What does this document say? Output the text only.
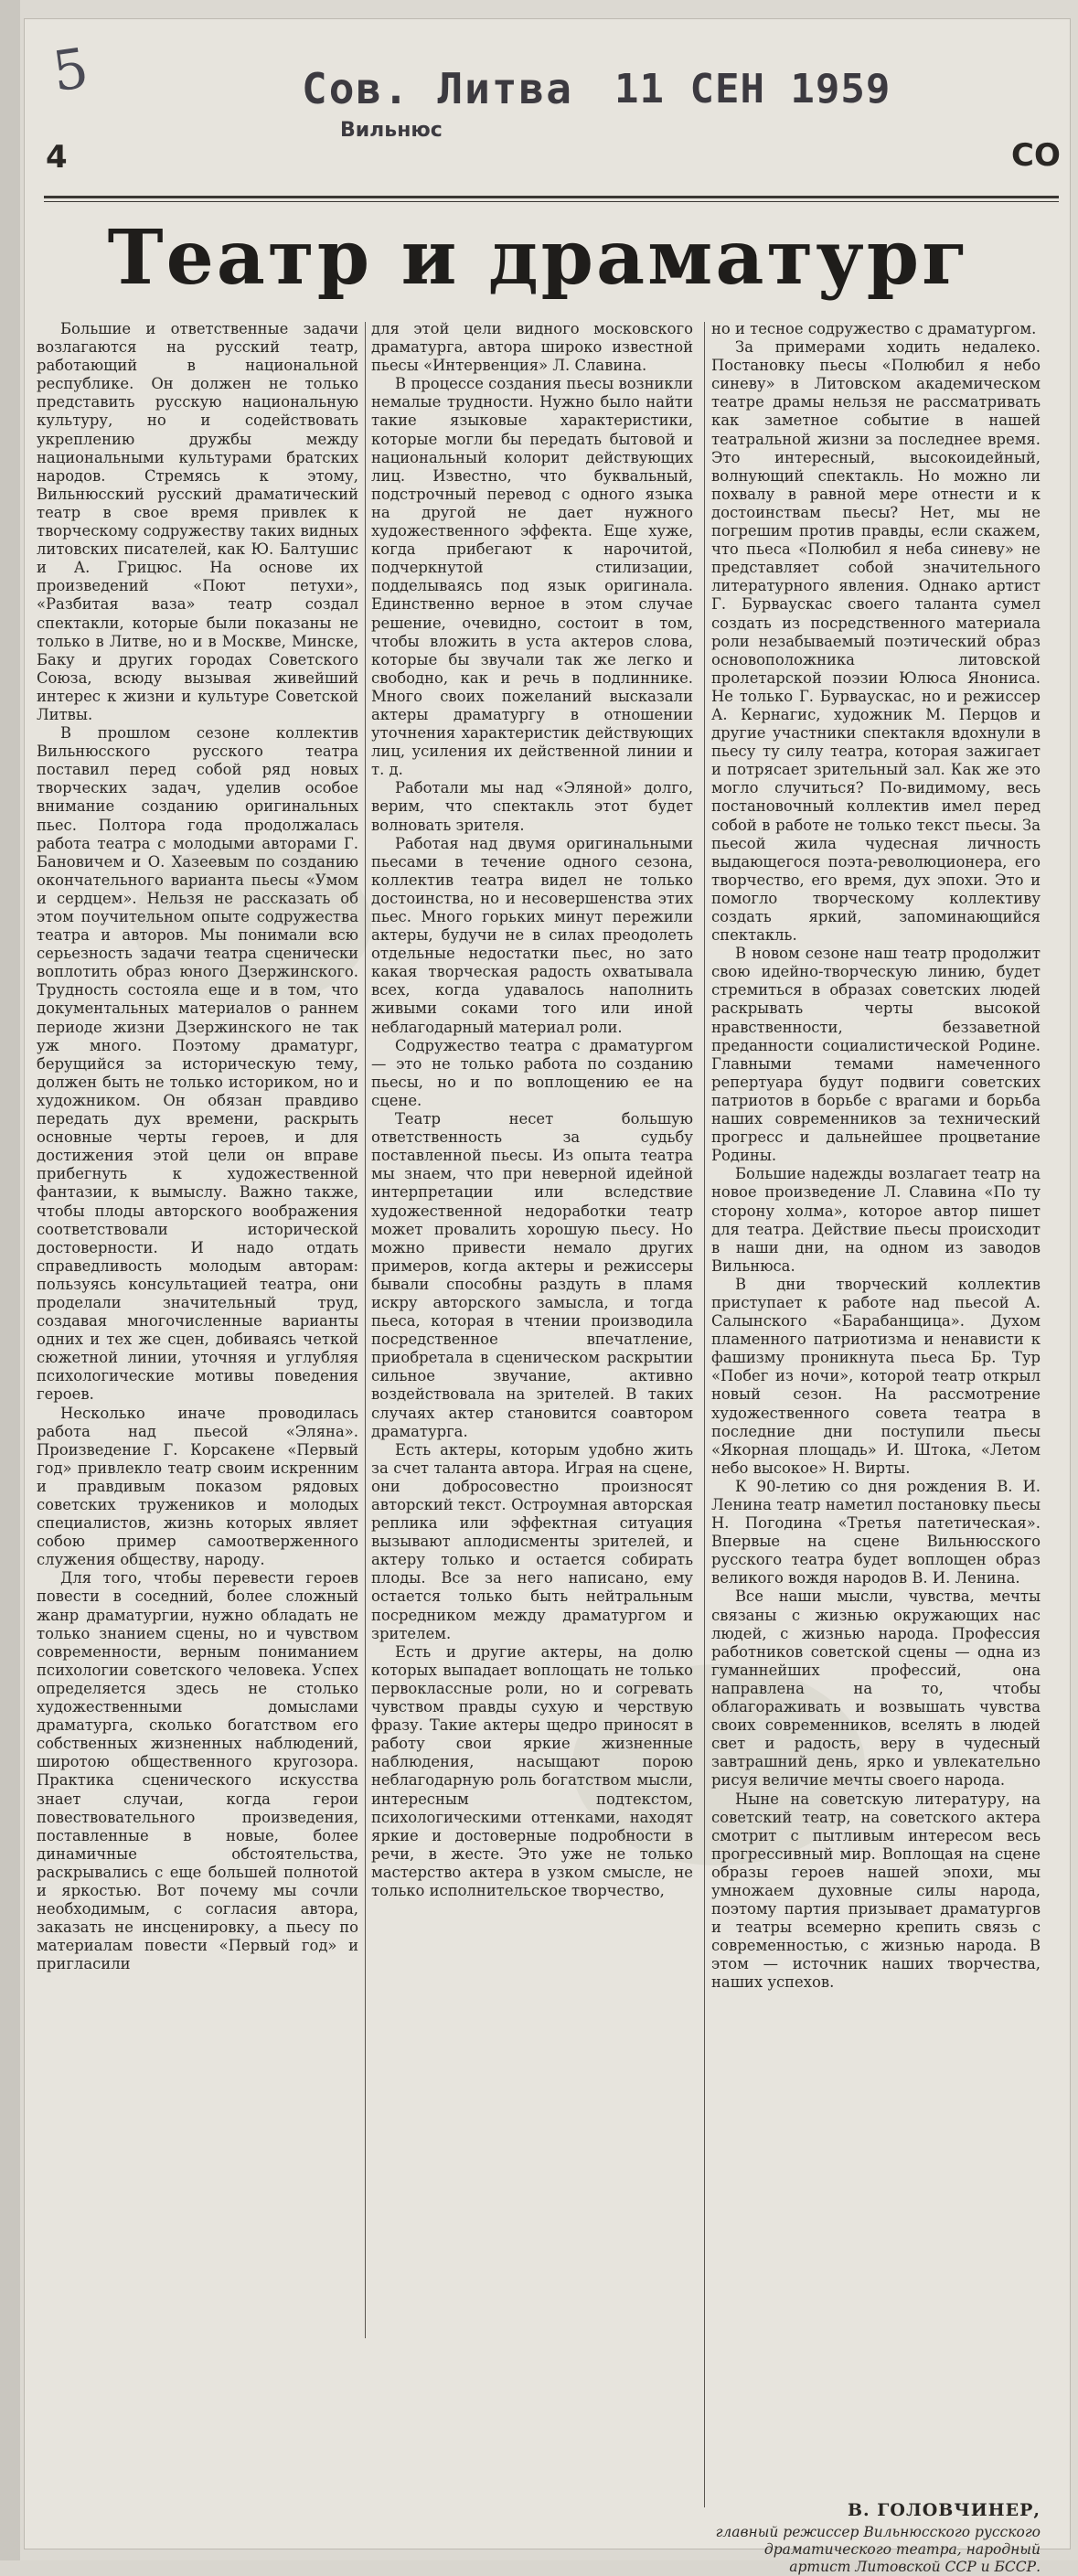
5	Сов. Литва
Вильнюс
11 СЕН 1959
4	СО
Театр и драматург

Большие и ответственные задачи возлагаются на русский театр, работающий в национальной республике. Он должен не только представить русскую национальную культуру, но и содействовать укреплению дружбы между национальными культурами братских народов. Стремясь к этому, Вильнюсский русский драматический театр в свое время привлек к творческому содружеству таких видных литовских писателей, как Ю. Балтушис и А. Грицюс. На основе их произведений «Поют петухи», «Разбитая ваза» театр создал спектакли, которые были показаны не только в Литве, но и в Москве, Минске, Баку и других городах Советского Союза, всюду вызывая живейший интерес к жизни и культуре Советской Литвы.

В прошлом сезоне коллектив Вильнюсского русского театра поставил перед собой ряд новых творческих задач, уделив особое внимание созданию оригинальных пьес. Полтора года продолжалась работа театра с молодыми авторами Г. Бановичем и О. Хазеевым по созданию окончательного варианта пьесы «Умом и сердцем». Нельзя не рассказать об этом поучительном опыте содружества театра и авторов. Мы понимали всю серьезность задачи театра сценически воплотить образ юного Дзержинского. Трудность состояла еще и в том, что документальных материалов о раннем периоде жизни Дзержинского не так уж много. Поэтому драматург, берущийся за историческую тему, должен быть не только историком, но и художником. Он обязан правдиво передать дух времени, раскрыть основные черты героев, и для достижения этой цели он вправе прибегнуть к художественной фантазии, к вымыслу. Важно также, чтобы плоды авторского воображения соответствовали исторической достоверности. И надо отдать справедливость молодым авторам: пользуясь консультацией театра, они проделали значительный труд, создавая многочисленные варианты одних и тех же сцен, добиваясь четкой сюжетной линии, уточняя и углубляя психологические мотивы поведения героев.

Несколько иначе проводилась работа над пьесой «Эляна». Произведение Г. Корсакене «Первый год» привлекло театр своим искренним и правдивым показом рядовых советских тружеников и молодых специалистов, жизнь которых являет собою пример самоотверженного служения обществу, народу.

Для того, чтобы перевести героев повести в соседний, более сложный жанр драматургии, нужно обладать не только знанием сцены, но и чувством современности, верным пониманием психологии советского человека. Успех определяется здесь не столько художественными домыслами драматурга, сколько богатством его собственных жизненных наблюдений, широтою общественного кругозора. Практика сценического искусства знает случаи, когда герои повествовательного произведения, поставленные в новые, более динамичные обстоятельства, раскрывались с еще большей полнотой и яркостью. Вот почему мы сочли необходимым, с согласия автора, заказать не инсценировку, а пьесу по материалам повести «Первый год» и пригласили

для этой цели видного московского драматурга, автора широко известной пьесы «Интервенция» Л. Славина.

В процессе создания пьесы возникли немалые трудности. Нужно было найти такие языковые характеристики, которые могли бы передать бытовой и национальный колорит действующих лиц. Известно, что буквальный, подстрочный перевод с одного языка на другой не дает нужного художественного эффекта. Еще хуже, когда прибегают к нарочитой, подчеркнутой стилизации, подделываясь под язык оригинала. Единственно верное в этом случае решение, очевидно, состоит в том, чтобы вложить в уста актеров слова, которые бы звучали так же легко и свободно, как и речь в подлиннике. Много своих пожеланий высказали актеры драматургу в отношении уточнения характеристик действующих лиц, усиления их действенной линии и т. д.

Работали мы над «Эляной» долго, верим, что спектакль этот будет волновать зрителя.

Работая над двумя оригинальными пьесами в течение одного сезона, коллектив театра видел не только достоинства, но и несовершенства этих пьес. Много горьких минут пережили актеры, будучи не в силах преодолеть отдельные недостатки пьес, но зато какая творческая радость охватывала всех, когда удавалось наполнить живыми соками того или иной неблагодарный материал роли.

Содружество театра с драматургом — это не только работа по созданию пьесы, но и по воплощению ее на сцене.

Театр несет большую ответственность за судьбу поставленной пьесы. Из опыта театра мы знаем, что при неверной идейной интерпретации или вследствие художественной недоработки театр может провалить хорошую пьесу. Но можно привести немало других примеров, когда актеры и режиссеры бывали способны раздуть в пламя искру авторского замысла, и тогда пьеса, которая в чтении производила посредственное впечатление, приобретала в сценическом раскрытии сильное звучание, активно воздействовала на зрителей. В таких случаях актер становится соавтором драматурга.

Есть актеры, которым удобно жить за счет таланта автора. Играя на сцене, они добросовестно произносят авторский текст. Остроумная авторская реплика или эффектная ситуация вызывают аплодисменты зрителей, и актеру только и остается собирать плоды. Все за него написано, ему остается только быть нейтральным посредником между драматургом и зрителем.

Есть и другие актеры, на долю которых выпадает воплощать не только первоклассные роли, но и согревать чувством правды сухую и черствую фразу. Такие актеры щедро приносят в работу свои яркие жизненные наблюдения, насыщают порою неблагодарную роль богатством мысли, интересным подтекстом, психологическими оттенками, находят яркие и достоверные подробности в речи, в жесте. Это уже не только мастерство актера в узком смысле, не только исполнительское творчество,

но и тесное содружество с драматургом.

За примерами ходить недалеко. Постановку пьесы «Полюбил я небо синеву» в Литовском академическом театре драмы нельзя не рассматривать как заметное событие в нашей театральной жизни за последнее время. Это интересный, высокоидейный, волнующий спектакль. Но можно ли похвалу в равной мере отнести и к достоинствам пьесы? Нет, мы не погрешим против правды, если скажем, что пьеса «Полюбил я неба синеву» не представляет собой значительного литературного явления. Однако артист Г. Бурваускас своего таланта сумел создать из посредственного материала роли незабываемый поэтический образ основоположника литовской пролетарской поэзии Юлюса Янониса. Не только Г. Бурваускас, но и режиссер А. Кернагис, художник М. Перцов и другие участники спектакля вдохнули в пьесу ту силу театра, которая зажигает и потрясает зрительный зал. Как же это могло случиться? По-видимому, весь постановочный коллектив имел перед собой в работе не только текст пьесы. За пьесой жила чудесная личность выдающегося поэта-революционера, его творчество, его время, дух эпохи. Это и помогло творческому коллективу создать яркий, запоминающийся спектакль.

В новом сезоне наш театр продолжит свою идейно-творческую линию, будет стремиться в образах советских людей раскрывать черты высокой нравственности, беззаветной преданности социалистической Родине. Главными темами намеченного репертуара будут подвиги советских патриотов в борьбе с врагами и борьба наших современников за технический прогресс и дальнейшее процветание Родины.

Большие надежды возлагает театр на новое произведение Л. Славина «По ту сторону холма», которое автор пишет для театра. Действие пьесы происходит в наши дни, на одном из заводов Вильнюса.

В дни творческий коллектив приступает к работе над пьесой А. Салынского «Барабанщица». Духом пламенного патриотизма и ненависти к фашизму проникнута пьеса Бр. Тур «Побег из ночи», которой театр открыл новый сезон. На рассмотрение художественного совета театра в последние дни поступили пьесы «Якорная площадь» И. Штока, «Летом небо высокое» Н. Вирты.

К 90-летию со дня рождения В. И. Ленина театр наметил постановку пьесы Н. Погодина «Третья патетическая». Впервые на сцене Вильнюсского русского театра будет воплощен образ великого вождя народов В. И. Ленина.

Все наши мысли, чувства, мечты связаны с жизнью окружающих нас людей, с жизнью народа. Профессия работников советской сцены — одна из гуманнейших профессий, она направлена на то, чтобы облагораживать и возвышать чувства своих современников, вселять в людей свет и радость, веру в чудесный завтрашний день, ярко и увлекательно рисуя величие мечты своего народа.

Ныне на советскую литературу, на советский театр, на советского актера смотрит с пытливым интересом весь прогрессивный мир. Воплощая на сцене образы героев нашей эпохи, мы умножаем духовные силы народа, поэтому партия призывает драматургов и театры всемерно крепить связь с современностью, с жизнью народа. В этом — источник наших творчества, наших успехов.

В. ГОЛОВЧИНЕР,
главный режиссер Вильнюсского русского драматического театра, народный артист Литовской ССР и БССР.
